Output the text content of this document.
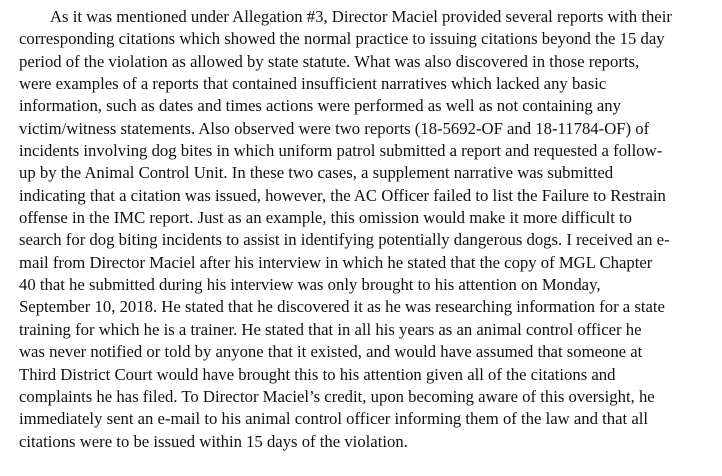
As it was mentioned under Allegation #3, Director Maciel provided several reports with their
corresponding citations which showed the normal practice to issuing citations beyond the 15 day
period of the violation as allowed by state statute. What was also discovered in those reports,
were examples of a reports that contained insufficient narratives which lacked any basic
information, such as dates and times actions were performed as well as not containing any
victim/witness statements. Also observed were two reports (18-5692-OF and 18-11784-OF) of
incidents involving dog bites in which uniform patrol submitted a report and requested a follow-
up by the Animal Control Unit. In these two cases, a supplement narrative was submitted
indicating that a citation was issued, however, the AC Officer failed to list the Failure to Restrain
offense in the IMC report. Just as an example, this omission would make it more difficult to
search for dog biting incidents to assist in identifying potentially dangerous dogs. I received an e-
mail from Director Maciel after his interview in which he stated that the copy of MGL Chapter
40 that he submitted during his interview was only brought to his attention on Monday,
September 10, 2018. He stated that he discovered it as he was researching information for a state
training for which he is a trainer. He stated that in all his years as an animal control officer he
was never notified or told by anyone that it existed, and would have assumed that someone at
Third District Court would have brought this to his attention given all of the citations and
complaints he has filed. To Director Maciel’s credit, upon becoming aware of this oversight, he
immediately sent an e-mail to his animal control officer informing them of the law and that all
citations were to be issued within 15 days of the violation.
